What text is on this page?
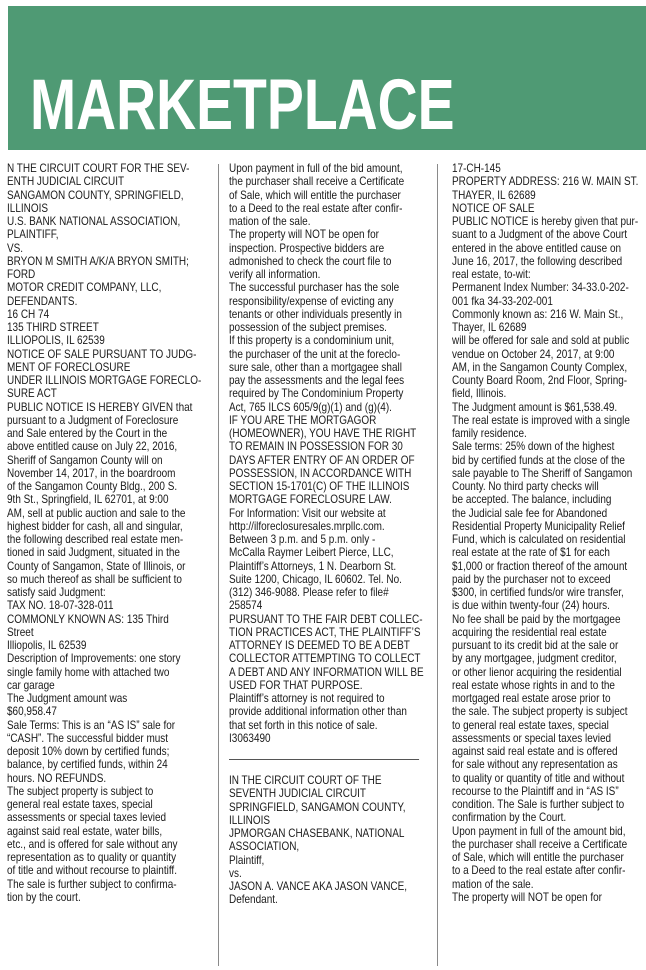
MARKETPLACE
N THE CIRCUIT COURT FOR THE SEV-
ENTH JUDICIAL CIRCUIT
SANGAMON COUNTY, SPRINGFIELD,
ILLINOIS
U.S. BANK NATIONAL ASSOCIATION,
PLAINTIFF,
VS.
BRYON M SMITH A/K/A BRYON SMITH;
FORD
MOTOR CREDIT COMPANY, LLC,
DEFENDANTS.
16 CH 74
135 THIRD STREET
ILLIOPOLIS, IL 62539
NOTICE OF SALE PURSUANT TO JUDG-
MENT OF FORECLOSURE
UNDER ILLINOIS MORTGAGE FORECLO-
SURE ACT
PUBLIC NOTICE IS HEREBY GIVEN that
pursuant to a Judgment of Foreclosure
and Sale entered by the Court in the
above entitled cause on July 22, 2016,
Sheriff of Sangamon County will on
November 14, 2017, in the boardroom
of the Sangamon County Bldg., 200 S.
9th St., Springfield, IL 62701, at 9:00
AM, sell at public auction and sale to the
highest bidder for cash, all and singular,
the following described real estate men-
tioned in said Judgment, situated in the
County of Sangamon, State of Illinois, or
so much thereof as shall be sufficient to
satisfy said Judgment:
TAX NO. 18-07-328-011
COMMONLY KNOWN AS: 135 Third
Street
Illiopolis, IL 62539
Description of Improvements: one story
single family home with attached two
car garage
The Judgment amount was
$60,958.47
Sale Terms: This is an “AS IS” sale for
“CASH”. The successful bidder must
deposit 10% down by certified funds;
balance, by certified funds, within 24
hours. NO REFUNDS.
The subject property is subject to
general real estate taxes, special
assessments or special taxes levied
against said real estate, water bills,
etc., and is offered for sale without any
representation as to quality or quantity
of title and without recourse to plaintiff.
The sale is further subject to confirma-
tion by the court.
Upon payment in full of the bid amount,
the purchaser shall receive a Certificate
of Sale, which will entitle the purchaser
to a Deed to the real estate after confir-
mation of the sale.
The property will NOT be open for
inspection. Prospective bidders are
admonished to check the court file to
verify all information.
The successful purchaser has the sole
responsibility/expense of evicting any
tenants or other individuals presently in
possession of the subject premises.
If this property is a condominium unit,
the purchaser of the unit at the foreclo-
sure sale, other than a mortgagee shall
pay the assessments and the legal fees
required by The Condominium Property
Act, 765 ILCS 605/9(g)(1) and (g)(4).
IF YOU ARE THE MORTGAGOR
(HOMEOWNER), YOU HAVE THE RIGHT
TO REMAIN IN POSSESSION FOR 30
DAYS AFTER ENTRY OF AN ORDER OF
POSSESSION, IN ACCORDANCE WITH
SECTION 15-1701(C) OF THE ILLINOIS
MORTGAGE FORECLOSURE LAW.
For Information: Visit our website at
http://ilforeclosuresales.mrpllc.com.
Between 3 p.m. and 5 p.m. only -
McCalla Raymer Leibert Pierce, LLC,
Plaintiff’s Attorneys, 1 N. Dearborn St.
Suite 1200, Chicago, IL 60602. Tel. No.
(312) 346-9088. Please refer to file#
258574
PURSUANT TO THE FAIR DEBT COLLEC-
TION PRACTICES ACT, THE PLAINTIFF’S
ATTORNEY IS DEEMED TO BE A DEBT
COLLECTOR ATTEMPTING TO COLLECT
A DEBT AND ANY INFORMATION WILL BE
USED FOR THAT PURPOSE.
Plaintiff’s attorney is not required to
provide additional information other than
that set forth in this notice of sale.
I3063490
IN THE CIRCUIT COURT OF THE
SEVENTH JUDICIAL CIRCUIT
SPRINGFIELD, SANGAMON COUNTY,
ILLINOIS
JPMORGAN CHASEBANK, NATIONAL
ASSOCIATION,
Plaintiff,
vs.
JASON A. VANCE AKA JASON VANCE,
Defendant.
17-CH-145
PROPERTY ADDRESS: 216 W. MAIN ST.
THAYER, IL 62689
NOTICE OF SALE
PUBLIC NOTICE is hereby given that pur-
suant to a Judgment of the above Court
entered in the above entitled cause on
June 16, 2017, the following described
real estate, to-wit:
Permanent Index Number: 34-33.0-202-
001 fka 34-33-202-001
Commonly known as: 216 W. Main St.,
Thayer, IL 62689
will be offered for sale and sold at public
vendue on October 24, 2017, at 9:00
AM, in the Sangamon County Complex,
County Board Room, 2nd Floor, Spring-
field, Illinois.
The Judgment amount is $61,538.49.
The real estate is improved with a single
family residence.
Sale terms: 25% down of the highest
bid by certified funds at the close of the
sale payable to The Sheriff of Sangamon
County. No third party checks will
be accepted. The balance, including
the Judicial sale fee for Abandoned
Residential Property Municipality Relief
Fund, which is calculated on residential
real estate at the rate of $1 for each
$1,000 or fraction thereof of the amount
paid by the purchaser not to exceed
$300, in certified funds/or wire transfer,
is due within twenty-four (24) hours.
No fee shall be paid by the mortgagee
acquiring the residential real estate
pursuant to its credit bid at the sale or
by any mortgagee, judgment creditor,
or other lienor acquiring the residential
real estate whose rights in and to the
mortgaged real estate arose prior to
the sale. The subject property is subject
to general real estate taxes, special
assessments or special taxes levied
against said real estate and is offered
for sale without any representation as
to quality or quantity of title and without
recourse to the Plaintiff and in “AS IS”
condition. The Sale is further subject to
confirmation by the Court.
Upon payment in full of the amount bid,
the purchaser shall receive a Certificate
of Sale, which will entitle the purchaser
to a Deed to the real estate after confir-
mation of the sale.
The property will NOT be open for
